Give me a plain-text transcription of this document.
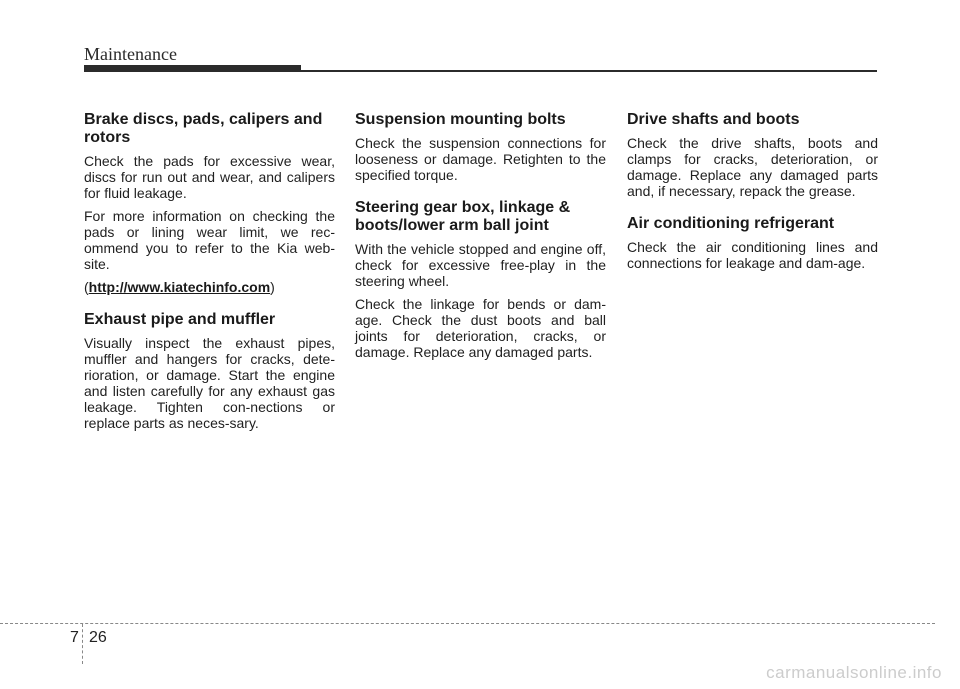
Maintenance
Brake discs, pads, calipers and rotors

Check the pads for excessive wear, discs for run out and wear, and calipers for fluid leakage.

For more information on checking the pads or lining wear limit, we rec-ommend you to refer to the Kia web-site.

(http://www.kiatechinfo.com)

Exhaust pipe and muffler

Visually inspect the exhaust pipes, muffler and hangers for cracks, dete-rioration, or damage. Start the engine and listen carefully for any exhaust gas leakage. Tighten con-nections or replace parts as neces-sary.

Suspension mounting bolts

Check the suspension connections for looseness or damage. Retighten to the specified torque.

Steering gear box, linkage & boots/lower arm ball joint

With the vehicle stopped and engine off, check for excessive free-play in the steering wheel.

Check the linkage for bends or dam-age. Check the dust boots and ball joints for deterioration, cracks, or damage. Replace any damaged parts.

Drive shafts and boots

Check the drive shafts, boots and clamps for cracks, deterioration, or damage. Replace any damaged parts and, if necessary, repack the grease.

Air conditioning refrigerant

Check the air conditioning lines and connections for leakage and dam-age.

7 26
carmanualsonline.info
